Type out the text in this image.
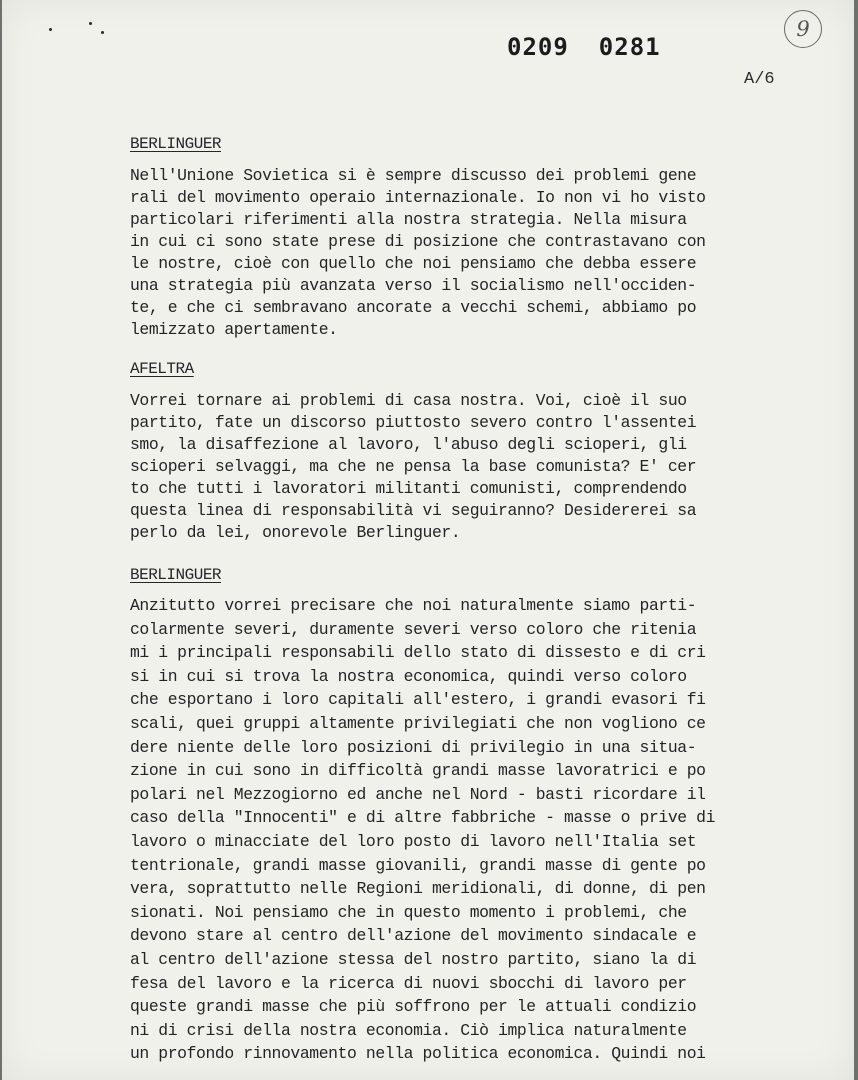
0209 0281
9
A/6
BERLINGUER
Nell'Unione Sovietica si è sempre discusso dei problemi gene
rali del movimento operaio internazionale. Io non vi ho visto
particolari riferimenti alla nostra strategia. Nella misura
in cui ci sono state prese di posizione che contrastavano con
le nostre, cioè con quello che noi pensiamo che debba essere
una strategia più avanzata verso il socialismo nell'occiden-
te, e che ci sembravano ancorate a vecchi schemi, abbiamo po
lemizzato apertamente.
AFELTRA
Vorrei tornare ai problemi di casa nostra. Voi, cioè il suo
partito, fate un discorso piuttosto severo contro l'assentei
smo, la disaffezione al lavoro, l'abuso degli scioperi, gli
scioperi selvaggi, ma che ne pensa la base comunista? E' cer
to che tutti i lavoratori militanti comunisti, comprendendo
questa linea di responsabilità vi seguiranno? Desidererei sa
perlo da lei, onorevole Berlinguer.
BERLINGUER
Anzitutto vorrei precisare che noi naturalmente siamo parti-
colarmente severi, duramente severi verso coloro che ritenia
mi i principali responsabili dello stato di dissesto e di cri
si in cui si trova la nostra economica, quindi verso coloro
che esportano i loro capitali all'estero, i grandi evasori fi
scali, quei gruppi altamente privilegiati che non vogliono ce
dere niente delle loro posizioni di privilegio in una situa-
zione in cui sono in difficoltà grandi masse lavoratrici e po
polari nel Mezzogiorno ed anche nel Nord - basti ricordare il
caso della "Innocenti" e di altre fabbriche - masse o prive di
lavoro o minacciate del loro posto di lavoro nell'Italia set
tentrionale, grandi masse giovanili, grandi masse di gente po
vera, soprattutto nelle Regioni meridionali, di donne, di pen
sionati. Noi pensiamo che in questo momento i problemi, che
devono stare al centro dell'azione del movimento sindacale e
al centro dell'azione stessa del nostro partito, siano la di
fesa del lavoro e la ricerca di nuovi sbocchi di lavoro per
queste grandi masse che più soffrono per le attuali condizio
ni di crisi della nostra economia. Ciò implica naturalmente
un profondo rinnovamento nella politica economica. Quindi noi
